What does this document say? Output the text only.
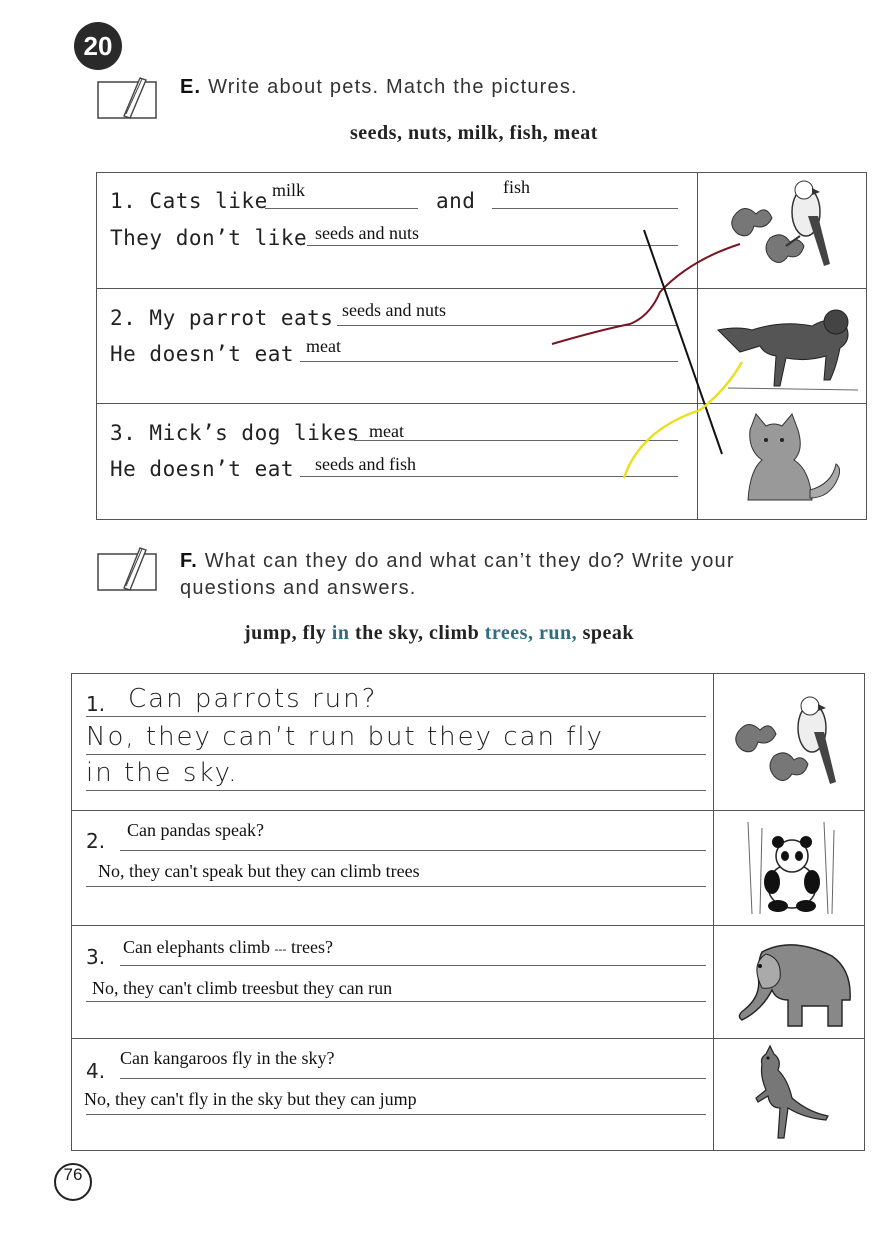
20
E. Write about pets. Match the pictures.
seeds, nuts, milk, fish, meat
1. Cats like milk	and
fish
They don’t like seeds and nuts
2. My parrot eats seeds and nuts
He doesn’t eat meat
3. Mick’s dog likes meat
He doesn’t eat seeds and fish
F. What can they do and what can’t they do? Write your
questions and answers.
jump, fly in the sky, climb trees, run, speak
1. Can parrots run?
No, they can’t run but they can fly
in the sky.
2. Can pandas speak?
No, they can't speak but they can climb trees
3. Can elephants climb --- trees?
No, they can't climb treesbut they can run
4.
Can kangaroos fly in the sky?
No, they can't fly in the sky but they can jump
76
